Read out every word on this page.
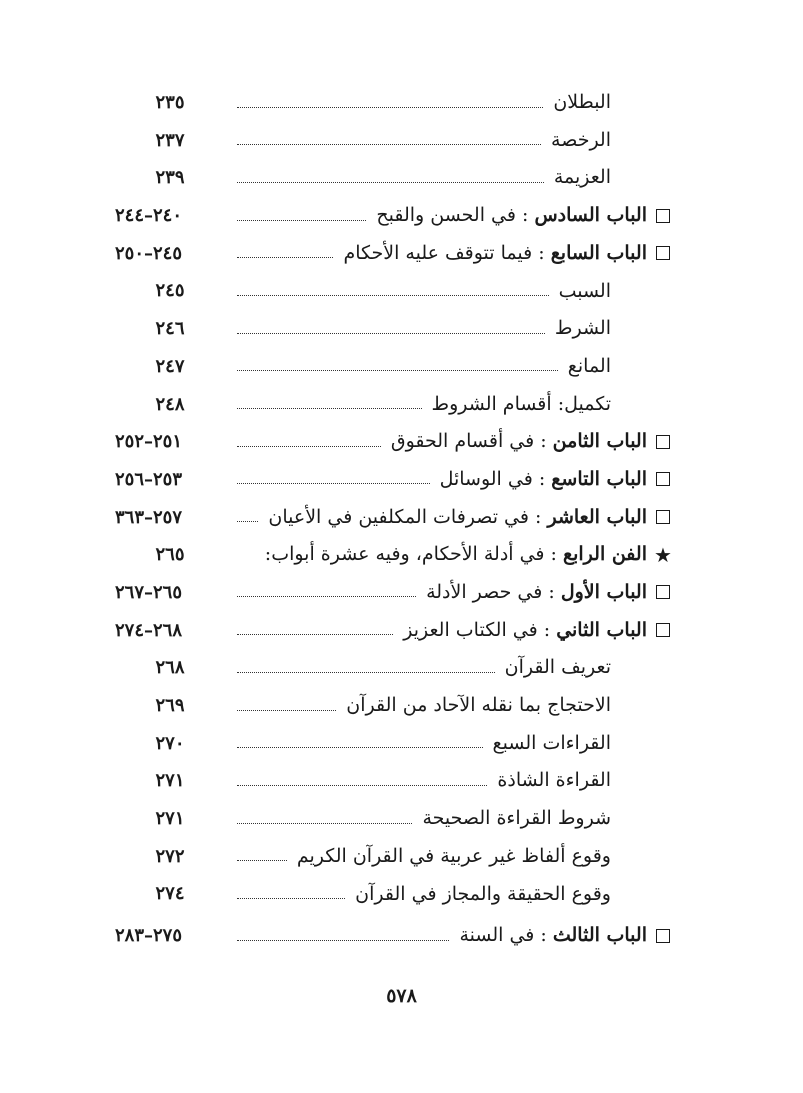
البطلان
٢٣٥
الرخصة
٢٣٧
العزيمة
٢٣٩
الباب السادس : في الحسن والقبح
٢٤٠–٢٤٤
الباب السابع : فيما تتوقف عليه الأحكام
٢٤٥–٢٥٠
السبب
٢٤٥
الشرط
٢٤٦
المانع
٢٤٧
تكميل: أقسام الشروط
٢٤٨
الباب الثامن : في أقسام الحقوق
٢٥١–٢٥٢
الباب التاسع : في الوسائل
٢٥٣–٢٥٦
الباب العاشر : في تصرفات المكلفين في الأعيان
٢٥٧–٣٦٣
★
الفن الرابع : في أدلة الأحكام، وفيه عشرة أبواب:
٢٦٥
الباب الأول : في حصر الأدلة
٢٦٥–٢٦٧
الباب الثاني : في الكتاب العزيز
٢٦٨–٢٧٤
تعريف القرآن
٢٦٨
الاحتجاج بما نقله الآحاد من القرآن
٢٦٩
القراءات السبع
٢٧٠
القراءة الشاذة
٢٧١
شروط القراءة الصحيحة
٢٧١
وقوع ألفاظ غير عربية في القرآن الكريم
٢٧٢
وقوع الحقيقة والمجاز في القرآن
٢٧٤
الباب الثالث : في السنة
٢٧٥–٢٨٣
٥٧٨
